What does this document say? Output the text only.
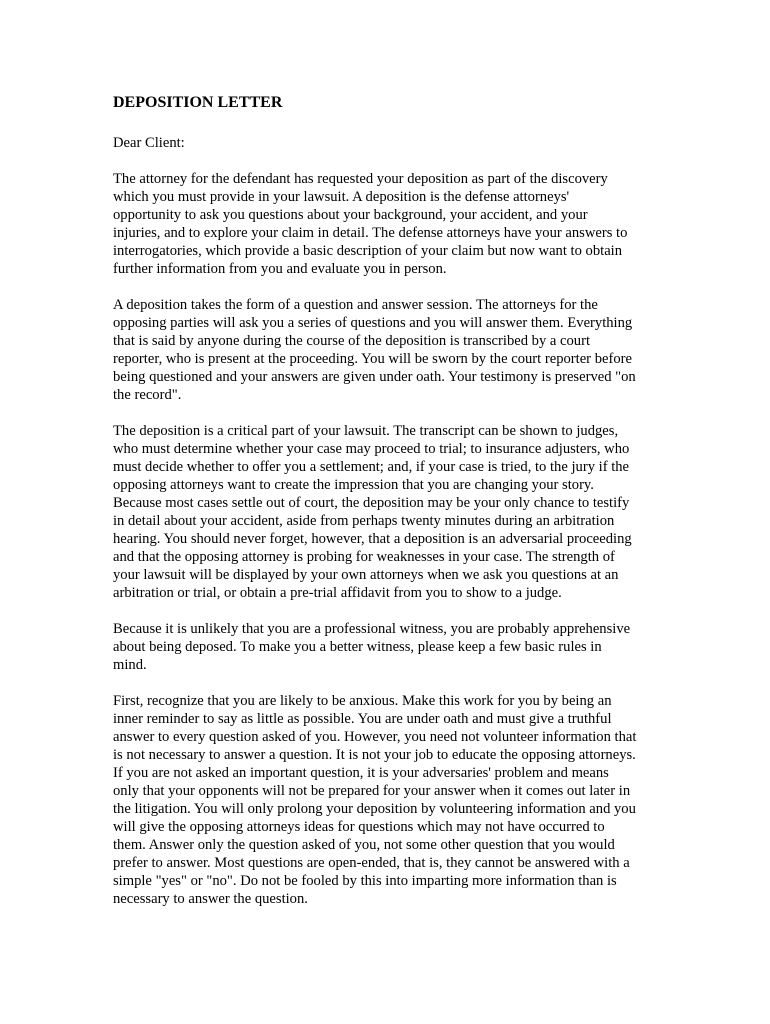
DEPOSITION LETTER
Dear Client:
The attorney for the defendant has requested your deposition as part of the discovery
which you must provide in your lawsuit. A deposition is the defense attorneys'
opportunity to ask you questions about your background, your accident, and your
injuries, and to explore your claim in detail. The defense attorneys have your answers to
interrogatories, which provide a basic description of your claim but now want to obtain
further information from you and evaluate you in person.
A deposition takes the form of a question and answer session. The attorneys for the
opposing parties will ask you a series of questions and you will answer them. Everything
that is said by anyone during the course of the deposition is transcribed by a court
reporter, who is present at the proceeding. You will be sworn by the court reporter before
being questioned and your answers are given under oath. Your testimony is preserved "on
the record".
The deposition is a critical part of your lawsuit. The transcript can be shown to judges,
who must determine whether your case may proceed to trial; to insurance adjusters, who
must decide whether to offer you a settlement; and, if your case is tried, to the jury if the
opposing attorneys want to create the impression that you are changing your story.
Because most cases settle out of court, the deposition may be your only chance to testify
in detail about your accident, aside from perhaps twenty minutes during an arbitration
hearing. You should never forget, however, that a deposition is an adversarial proceeding
and that the opposing attorney is probing for weaknesses in your case. The strength of
your lawsuit will be displayed by your own attorneys when we ask you questions at an
arbitration or trial, or obtain a pre-trial affidavit from you to show to a judge.
Because it is unlikely that you are a professional witness, you are probably apprehensive
about being deposed. To make you a better witness, please keep a few basic rules in
mind.
First, recognize that you are likely to be anxious. Make this work for you by being an
inner reminder to say as little as possible. You are under oath and must give a truthful
answer to every question asked of you. However, you need not volunteer information that
is not necessary to answer a question. It is not your job to educate the opposing attorneys.
If you are not asked an important question, it is your adversaries' problem and means
only that your opponents will not be prepared for your answer when it comes out later in
the litigation. You will only prolong your deposition by volunteering information and you
will give the opposing attorneys ideas for questions which may not have occurred to
them. Answer only the question asked of you, not some other question that you would
prefer to answer. Most questions are open-ended, that is, they cannot be answered with a
simple "yes" or "no". Do not be fooled by this into imparting more information than is
necessary to answer the question.
